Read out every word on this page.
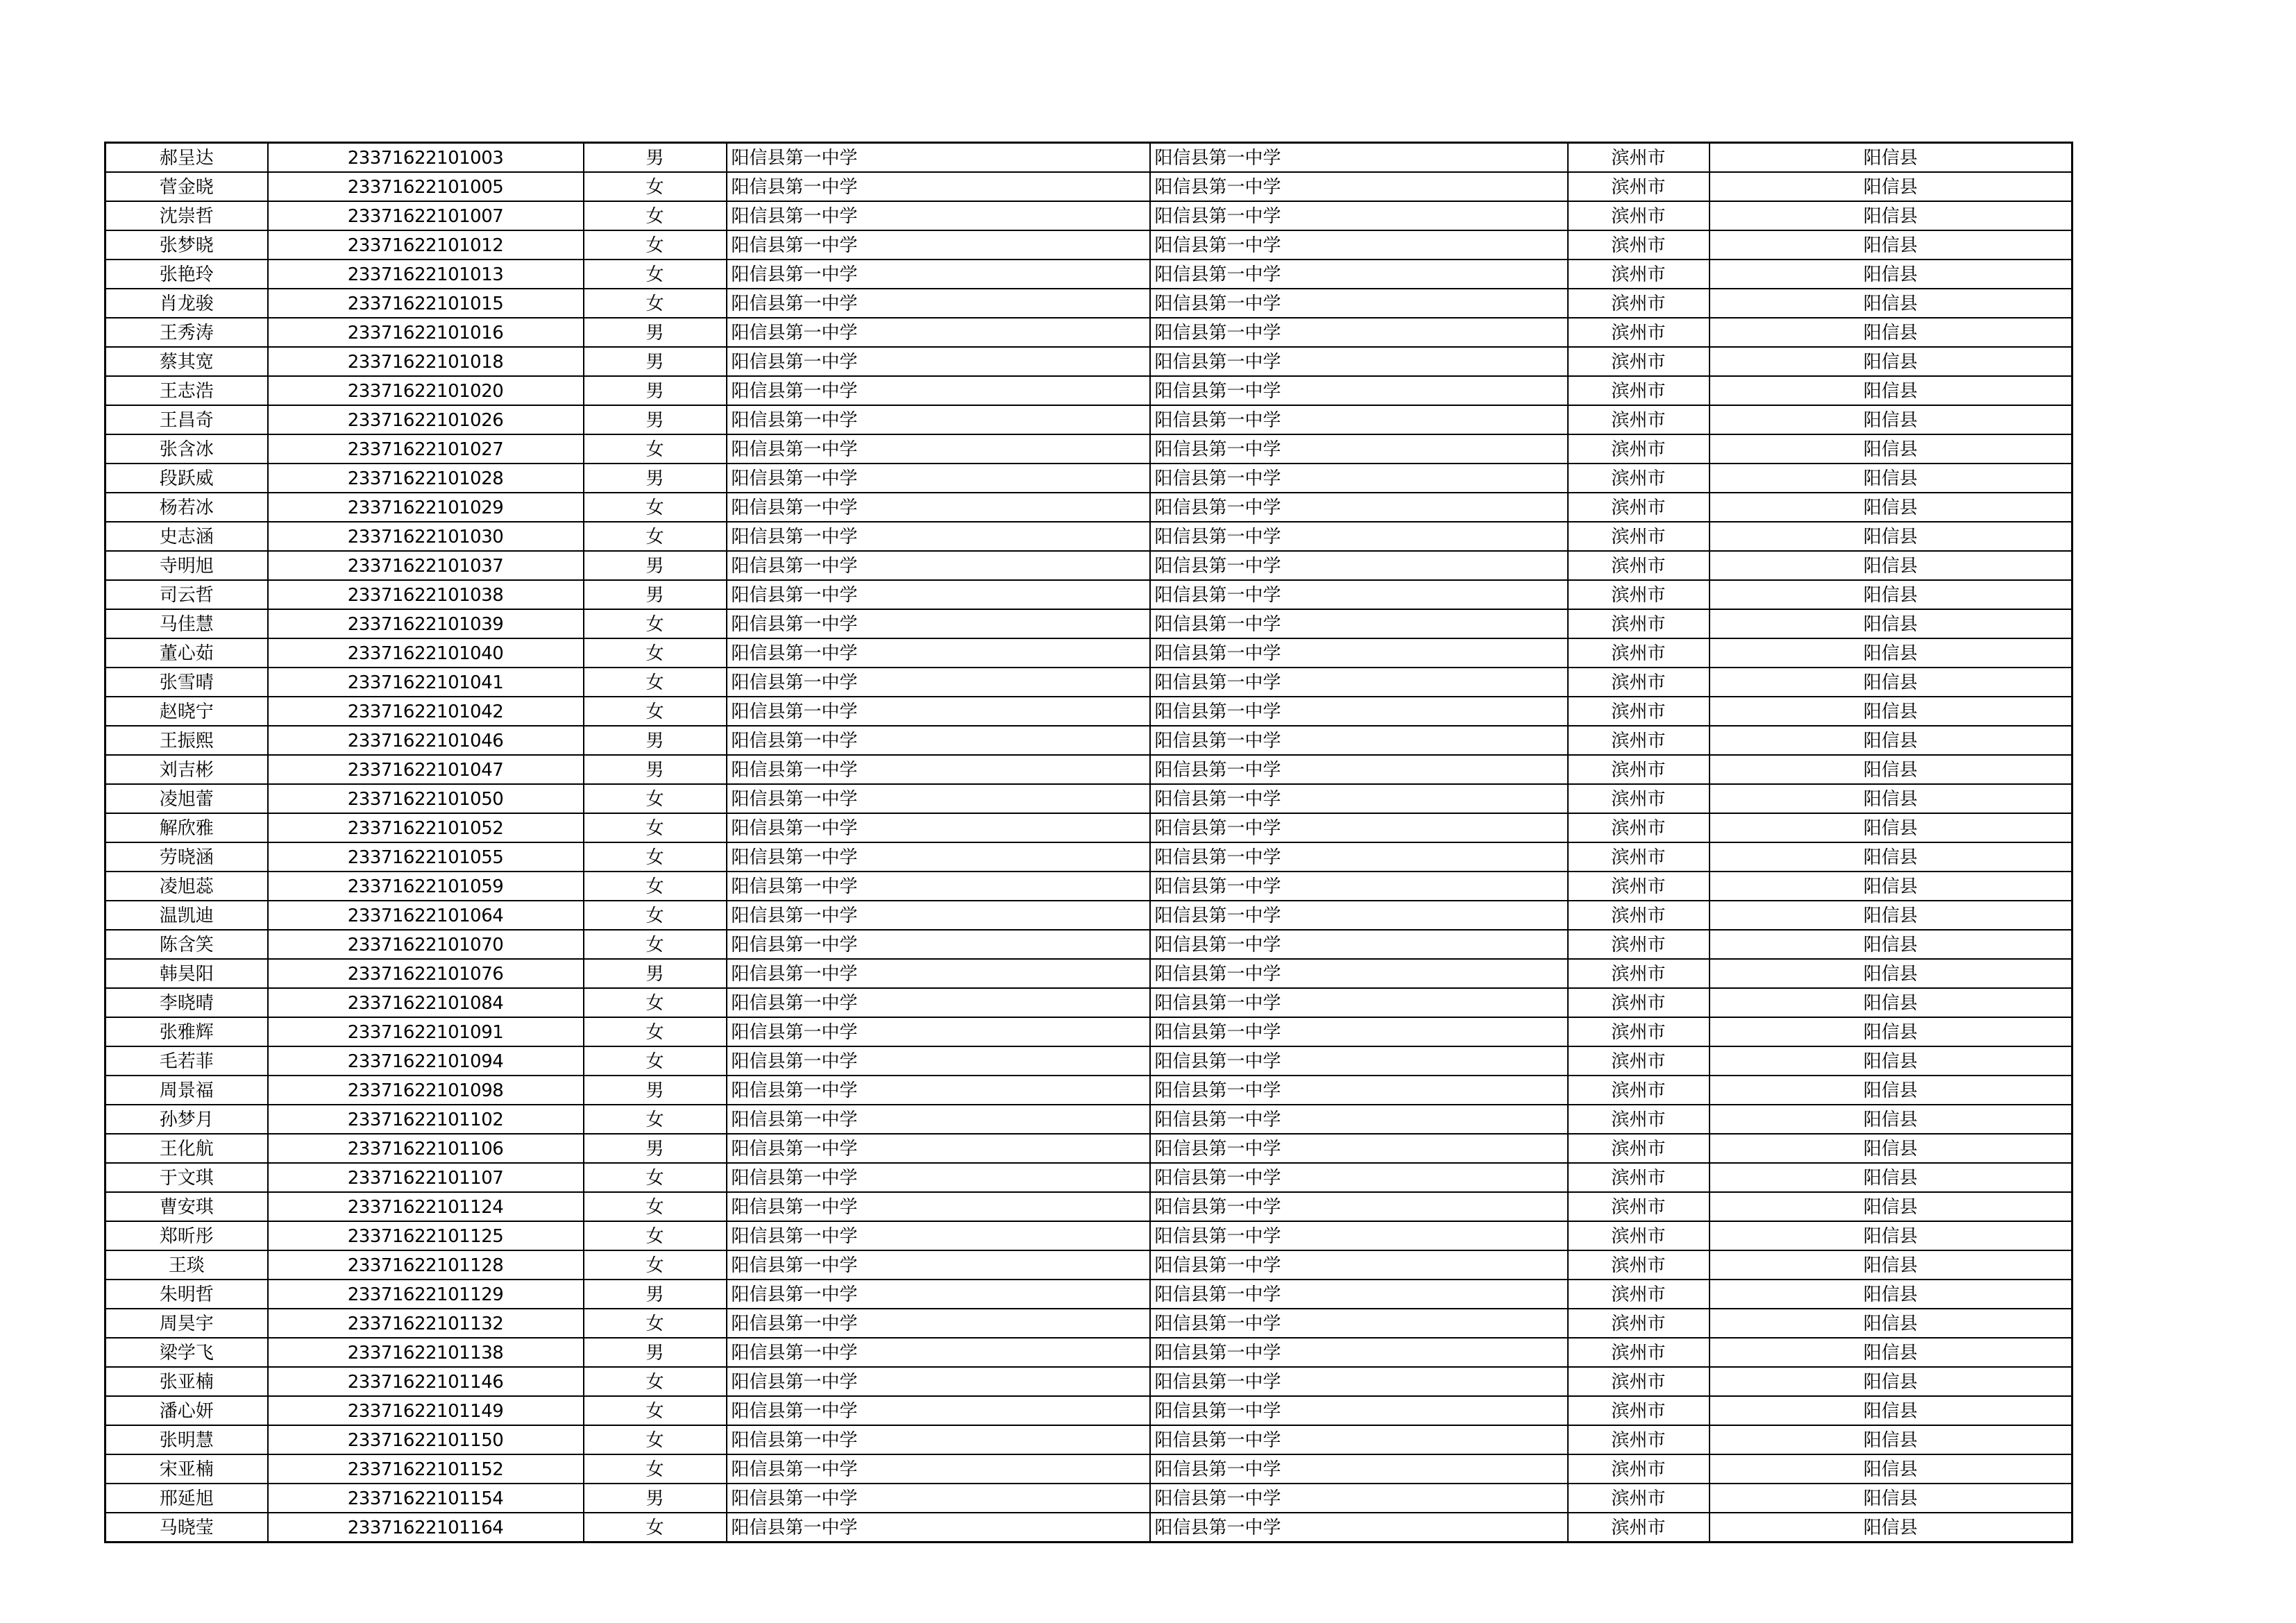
郝呈达	23371622101003	男	阳信县第一中学	阳信县第一中学	滨州市	阳信县
菅金晓	23371622101005	女	阳信县第一中学	阳信县第一中学	滨州市	阳信县
沈崇哲	23371622101007	女	阳信县第一中学	阳信县第一中学	滨州市	阳信县
张梦晓	23371622101012	女	阳信县第一中学	阳信县第一中学	滨州市	阳信县
张艳玲	23371622101013	女	阳信县第一中学	阳信县第一中学	滨州市	阳信县
肖龙骏	23371622101015	女	阳信县第一中学	阳信县第一中学	滨州市	阳信县
王秀涛	23371622101016	男	阳信县第一中学	阳信县第一中学	滨州市	阳信县
蔡其宽	23371622101018	男	阳信县第一中学	阳信县第一中学	滨州市	阳信县
王志浩	23371622101020	男	阳信县第一中学	阳信县第一中学	滨州市	阳信县
王昌奇	23371622101026	男	阳信县第一中学	阳信县第一中学	滨州市	阳信县
张含冰	23371622101027	女	阳信县第一中学	阳信县第一中学	滨州市	阳信县
段跃威	23371622101028	男	阳信县第一中学	阳信县第一中学	滨州市	阳信县
杨若冰	23371622101029	女	阳信县第一中学	阳信县第一中学	滨州市	阳信县
史志涵	23371622101030	女	阳信县第一中学	阳信县第一中学	滨州市	阳信县
寺明旭	23371622101037	男	阳信县第一中学	阳信县第一中学	滨州市	阳信县
司云哲	23371622101038	男	阳信县第一中学	阳信县第一中学	滨州市	阳信县
马佳慧	23371622101039	女	阳信县第一中学	阳信县第一中学	滨州市	阳信县
董心茹	23371622101040	女	阳信县第一中学	阳信县第一中学	滨州市	阳信县
张雪晴	23371622101041	女	阳信县第一中学	阳信县第一中学	滨州市	阳信县
赵晓宁	23371622101042	女	阳信县第一中学	阳信县第一中学	滨州市	阳信县
王振熙	23371622101046	男	阳信县第一中学	阳信县第一中学	滨州市	阳信县
刘吉彬	23371622101047	男	阳信县第一中学	阳信县第一中学	滨州市	阳信县
凌旭蕾	23371622101050	女	阳信县第一中学	阳信县第一中学	滨州市	阳信县
解欣雅	23371622101052	女	阳信县第一中学	阳信县第一中学	滨州市	阳信县
劳晓涵	23371622101055	女	阳信县第一中学	阳信县第一中学	滨州市	阳信县
凌旭蕊	23371622101059	女	阳信县第一中学	阳信县第一中学	滨州市	阳信县
温凯迪	23371622101064	女	阳信县第一中学	阳信县第一中学	滨州市	阳信县
陈含笑	23371622101070	女	阳信县第一中学	阳信县第一中学	滨州市	阳信县
韩昊阳	23371622101076	男	阳信县第一中学	阳信县第一中学	滨州市	阳信县
李晓晴	23371622101084	女	阳信县第一中学	阳信县第一中学	滨州市	阳信县
张雅辉	23371622101091	女	阳信县第一中学	阳信县第一中学	滨州市	阳信县
毛若菲	23371622101094	女	阳信县第一中学	阳信县第一中学	滨州市	阳信县
周景福	23371622101098	男	阳信县第一中学	阳信县第一中学	滨州市	阳信县
孙梦月	23371622101102	女	阳信县第一中学	阳信县第一中学	滨州市	阳信县
王化航	23371622101106	男	阳信县第一中学	阳信县第一中学	滨州市	阳信县
于文琪	23371622101107	女	阳信县第一中学	阳信县第一中学	滨州市	阳信县
曹安琪	23371622101124	女	阳信县第一中学	阳信县第一中学	滨州市	阳信县
郑昕彤	23371622101125	女	阳信县第一中学	阳信县第一中学	滨州市	阳信县
王琰	23371622101128	女	阳信县第一中学	阳信县第一中学	滨州市	阳信县
朱明哲	23371622101129	男	阳信县第一中学	阳信县第一中学	滨州市	阳信县
周昊宇	23371622101132	女	阳信县第一中学	阳信县第一中学	滨州市	阳信县
梁学飞	23371622101138	男	阳信县第一中学	阳信县第一中学	滨州市	阳信县
张亚楠	23371622101146	女	阳信县第一中学	阳信县第一中学	滨州市	阳信县
潘心妍	23371622101149	女	阳信县第一中学	阳信县第一中学	滨州市	阳信县
张明慧	23371622101150	女	阳信县第一中学	阳信县第一中学	滨州市	阳信县
宋亚楠	23371622101152	女	阳信县第一中学	阳信县第一中学	滨州市	阳信县
邢延旭	23371622101154	男	阳信县第一中学	阳信县第一中学	滨州市	阳信县
马晓莹	23371622101164	女	阳信县第一中学	阳信县第一中学	滨州市	阳信县
